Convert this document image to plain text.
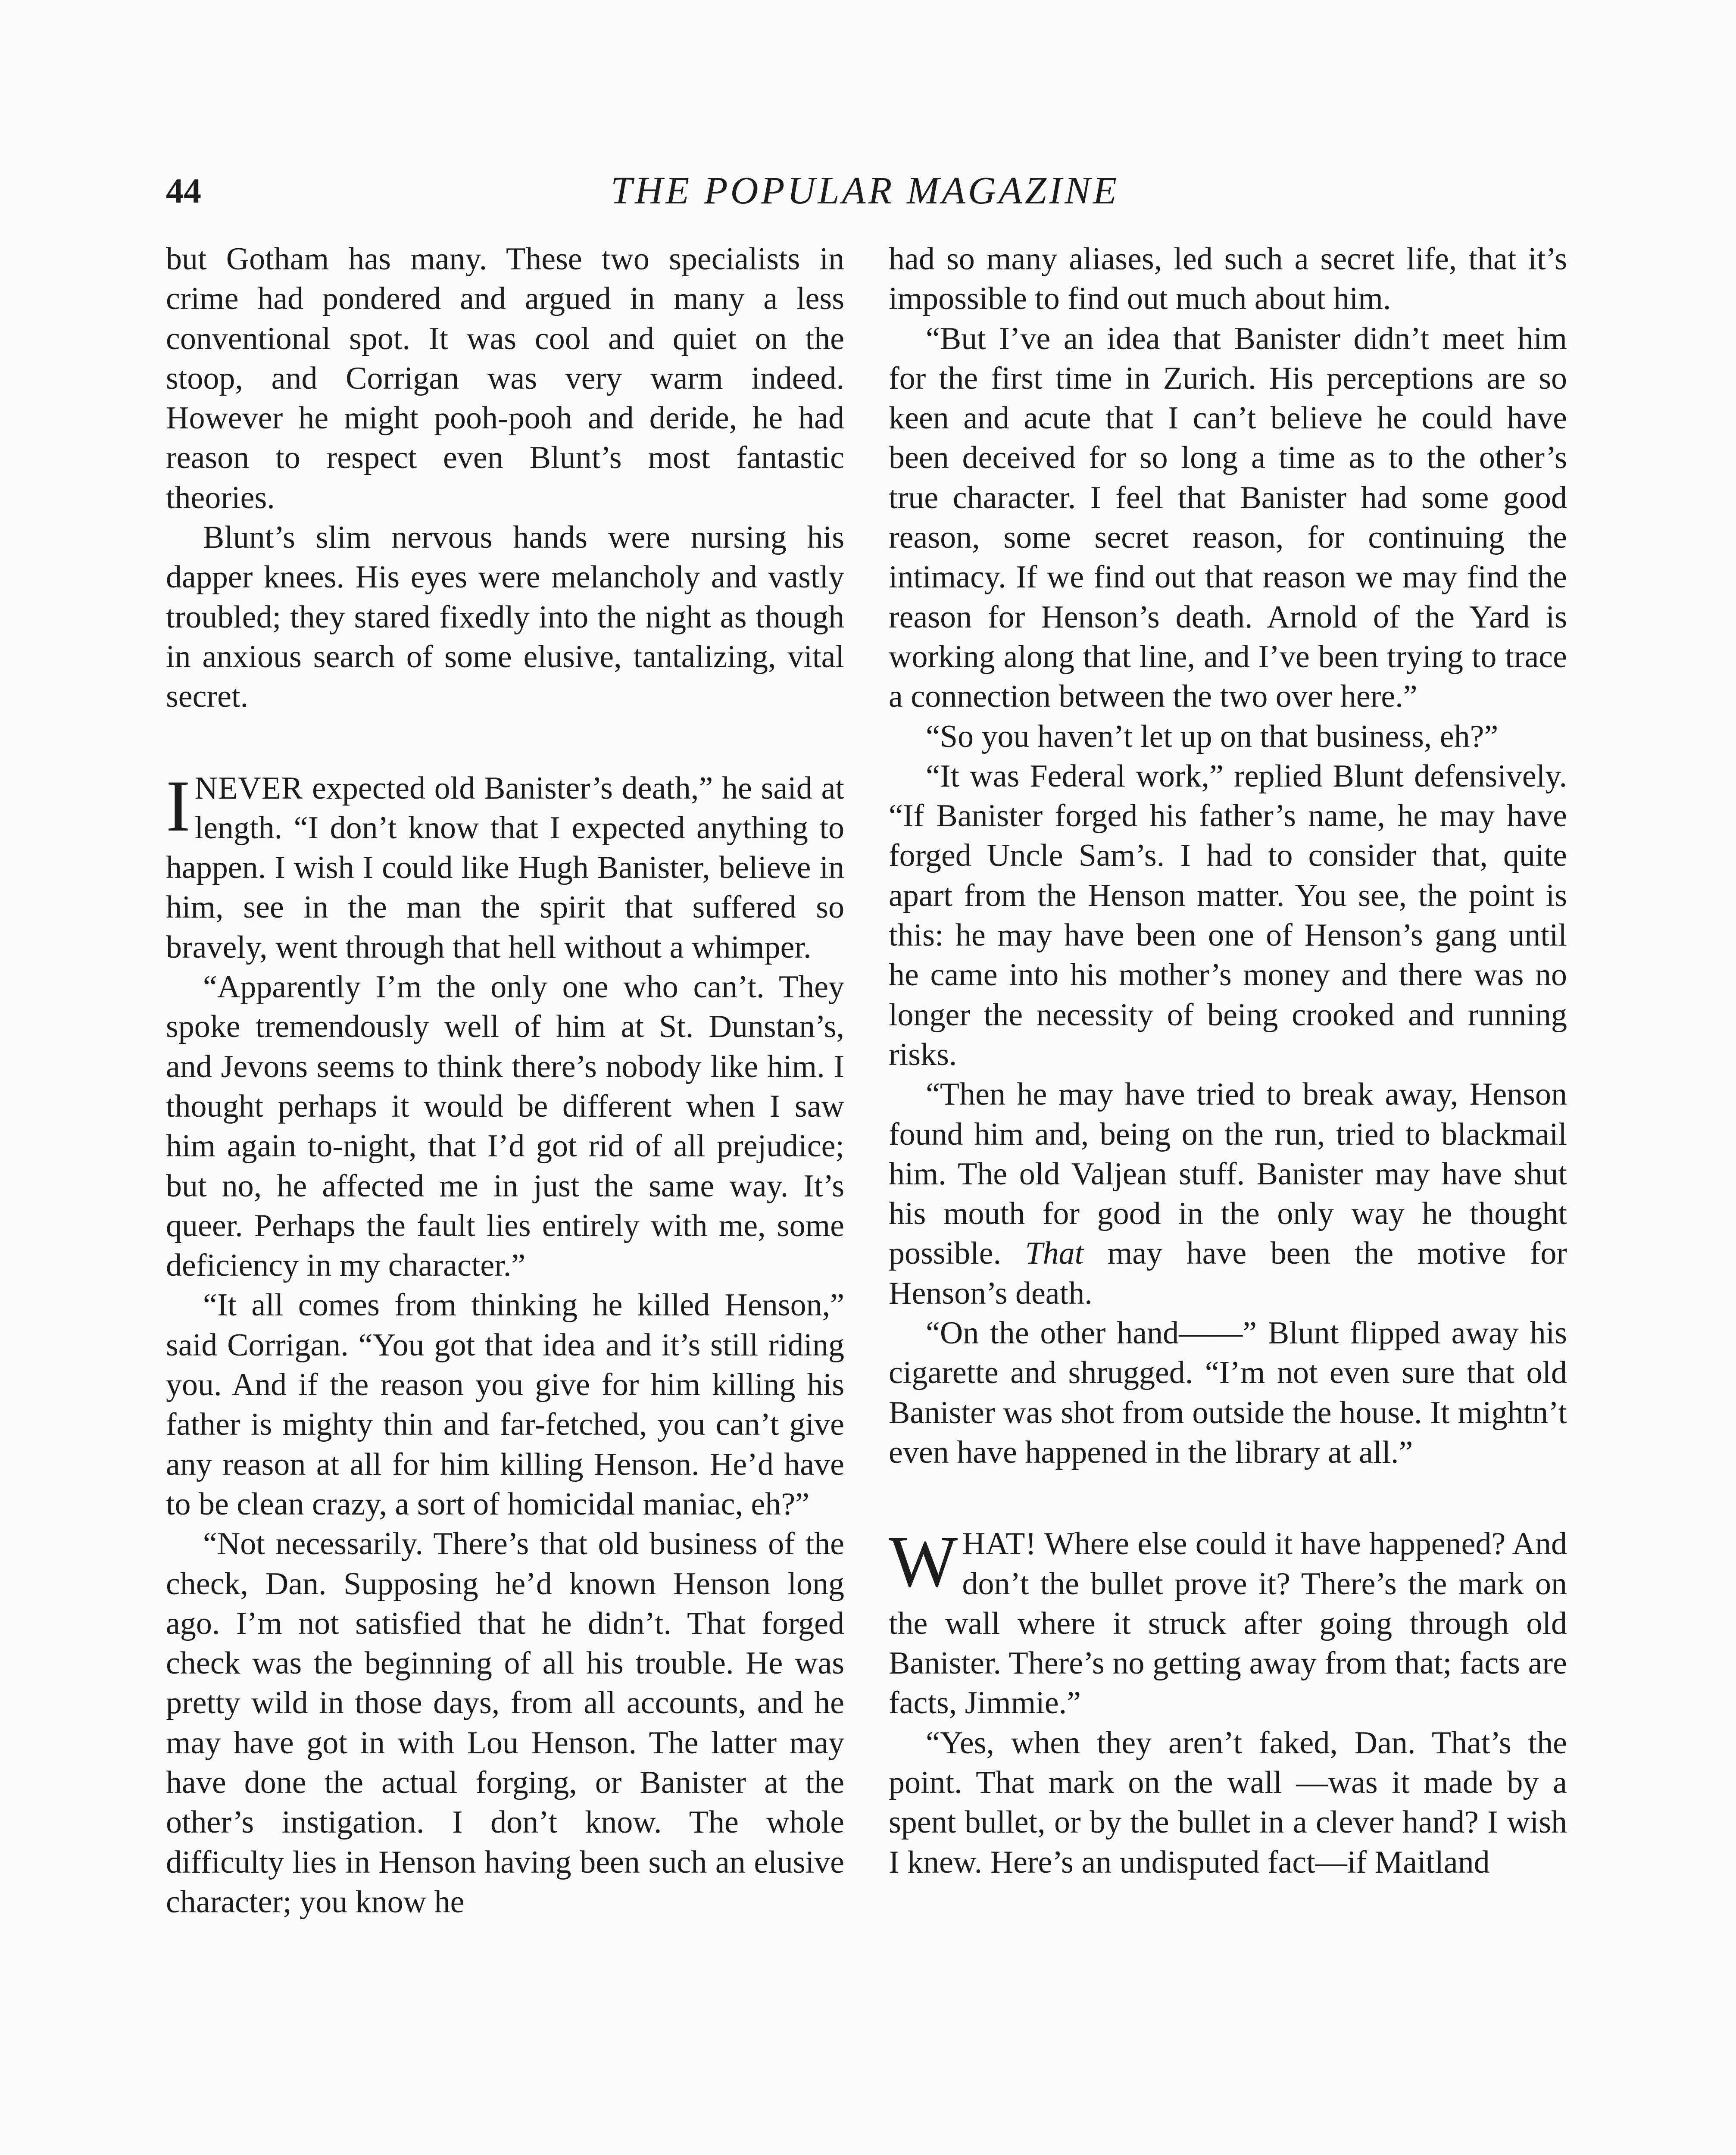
44	THE POPULAR MAGAZINE

but Gotham has many. These two specialists in crime had pondered and argued in many a less conventional spot. It was cool and quiet on the stoop, and Corrigan was very warm indeed. However he might pooh-pooh and deride, he had reason to respect even Blunt’s most fantastic theories.

Blunt’s slim nervous hands were nursing his dapper knees. His eyes were melancholy and vastly troubled; they stared fixedly into the night as though in anxious search of some elusive, tantalizing, vital secret.

INEVER expected old Banister’s death,” he said at length. “I don’t know that I expected anything to happen. I wish I could like Hugh Banister, believe in him, see in the man the spirit that suffered so bravely, went through that hell without a whimper.

“Apparently I’m the only one who can’t. They spoke tremendously well of him at St. Dunstan’s, and Jevons seems to think there’s nobody like him. I thought perhaps it would be different when I saw him again to-night, that I’d got rid of all prejudice; but no, he affected me in just the same way. It’s queer. Perhaps the fault lies entirely with me, some deficiency in my character.”

“It all comes from thinking he killed Henson,” said Corrigan. “You got that idea and it’s still riding you. And if the reason you give for him killing his father is mighty thin and far-fetched, you can’t give any reason at all for him killing Henson. He’d have to be clean crazy, a sort of homicidal maniac, eh?”

“Not necessarily. There’s that old business of the check, Dan. Supposing he’d known Henson long ago. I’m not satisfied that he didn’t. That forged check was the beginning of all his trouble. He was pretty wild in those days, from all accounts, and he may have got in with Lou Henson. The latter may have done the actual forging, or Banister at the other’s instigation. I don’t know. The whole difficulty lies in Henson having been such an elusive character; you know he

had so many aliases, led such a secret life, that it’s impossible to find out much about him.

“But I’ve an idea that Banister didn’t meet him for the first time in Zurich. His perceptions are so keen and acute that I can’t believe he could have been deceived for so long a time as to the other’s true character. I feel that Banister had some good reason, some secret reason, for continuing the intimacy. If we find out that reason we may find the reason for Henson’s death. Arnold of the Yard is working along that line, and I’ve been trying to trace a connection between the two over here.”

“So you haven’t let up on that business, eh?”

“It was Federal work,” replied Blunt defensively. “If Banister forged his father’s name, he may have forged Uncle Sam’s. I had to consider that, quite apart from the Henson matter. You see, the point is this: he may have been one of Henson’s gang until he came into his mother’s money and there was no longer the necessity of being crooked and running risks.

“Then he may have tried to break away, Henson found him and, being on the run, tried to blackmail him. The old Valjean stuff. Banister may have shut his mouth for good in the only way he thought possible. That may have been the motive for Henson’s death.

“On the other hand——” Blunt flipped away his cigarette and shrugged. “I’m not even sure that old Banister was shot from outside the house. It mightn’t even have happened in the library at all.”

WHAT! Where else could it have happened? And don’t the bullet prove it? There’s the mark on the wall where it struck after going through old Banister. There’s no getting away from that; facts are facts, Jimmie.”

“Yes, when they aren’t faked, Dan. That’s the point. That mark on the wall —was it made by a spent bullet, or by the bullet in a clever hand? I wish I knew. Here’s an undisputed fact—if Maitland
